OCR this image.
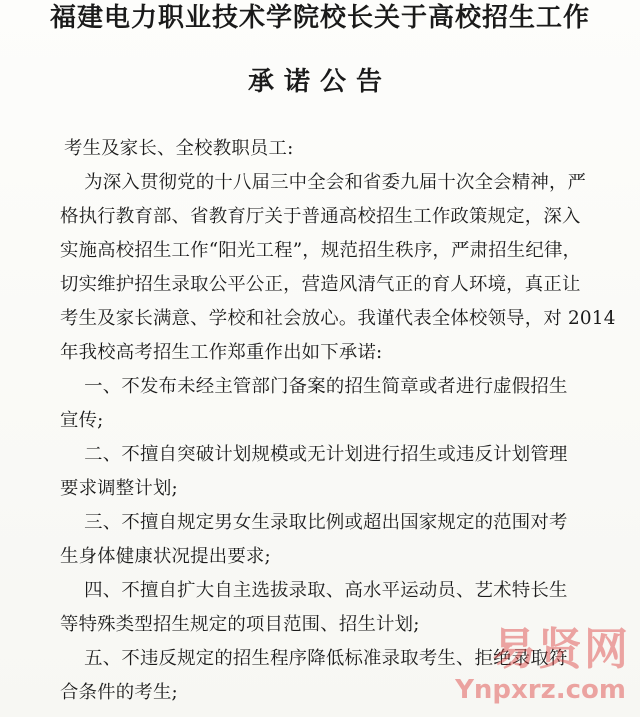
福建电力职业技术学院校长关于高校招生工作
承诺公告
考生及家长、全校教职员工:
为深入贯彻党的十八届三中全会和省委九届十次全会精神，严
格执行教育部、省教育厅关于普通高校招生工作政策规定，深入
实施高校招生工作“阳光工程”，规范招生秩序，严肃招生纪律，
切实维护招生录取公平公正，营造风清气正的育人环境，真正让
考生及家长满意、学校和社会放心。我谨代表全体校领导，对 2014
年我校高考招生工作郑重作出如下承诺:
一、不发布未经主管部门备案的招生简章或者进行虚假招生
宣传;
二、不擅自突破计划规模或无计划进行招生或违反计划管理
要求调整计划;
三、不擅自规定男女生录取比例或超出国家规定的范围对考
生身体健康状况提出要求;
四、不擅自扩大自主选拔录取、高水平运动员、艺术特长生
等特殊类型招生规定的项目范围、招生计划;
五、不违反规定的招生程序降低标准录取考生、拒绝录取符
合条件的考生;
易贤网
Ynpxrz.com
